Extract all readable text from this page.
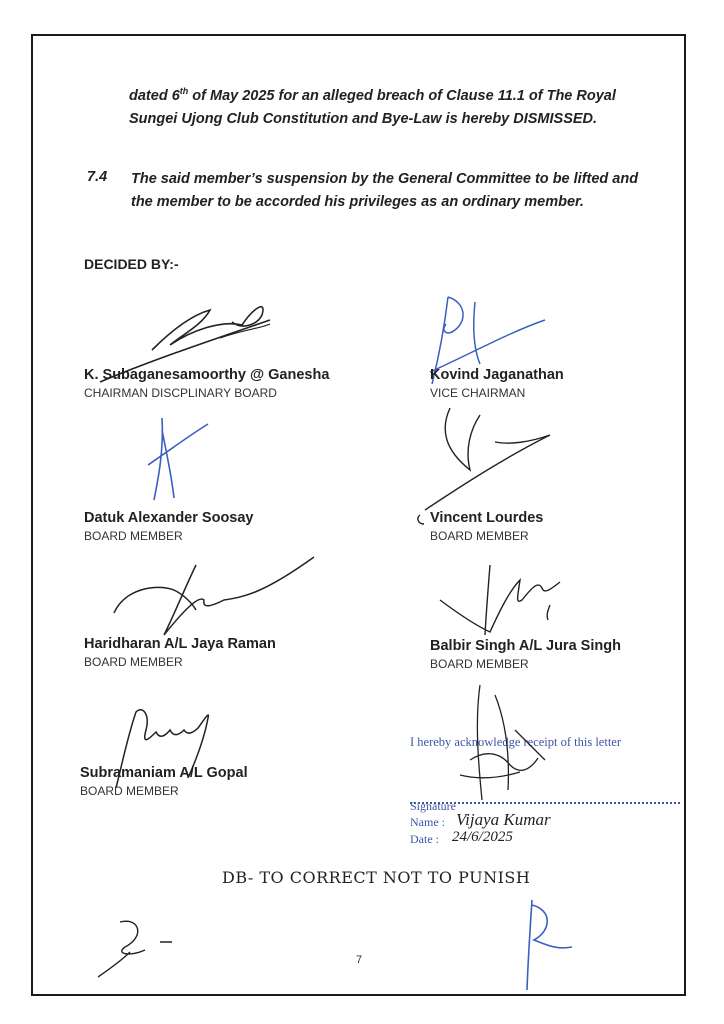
dated 6th of May 2025 for an alleged breach of Clause 11.1 of The Royal
Sungei Ujong Club Constitution and Bye-Law is hereby DISMISSED.
7.4 The said member’s suspension by the General Committee to be lifted and
the member to be accorded his privileges as an ordinary member.
DECIDED BY:-
K. Subaganesamoorthy @ Ganesha
CHAIRMAN DISCPLINARY BOARD
Kovind Jaganathan
VICE CHAIRMAN
Datuk Alexander Soosay
BOARD MEMBER
Vincent Lourdes
BOARD MEMBER
Haridharan A/L Jaya Raman
BOARD MEMBER
Balbir Singh A/L Jura Singh
BOARD MEMBER
Subramaniam A/L Gopal
BOARD MEMBER
I hereby acknowledge receipt of this letter
Signature
Name : Vijaya Kumar
Date : 24/6/2025
DB- TO CORRECT NOT TO PUNISH
7
